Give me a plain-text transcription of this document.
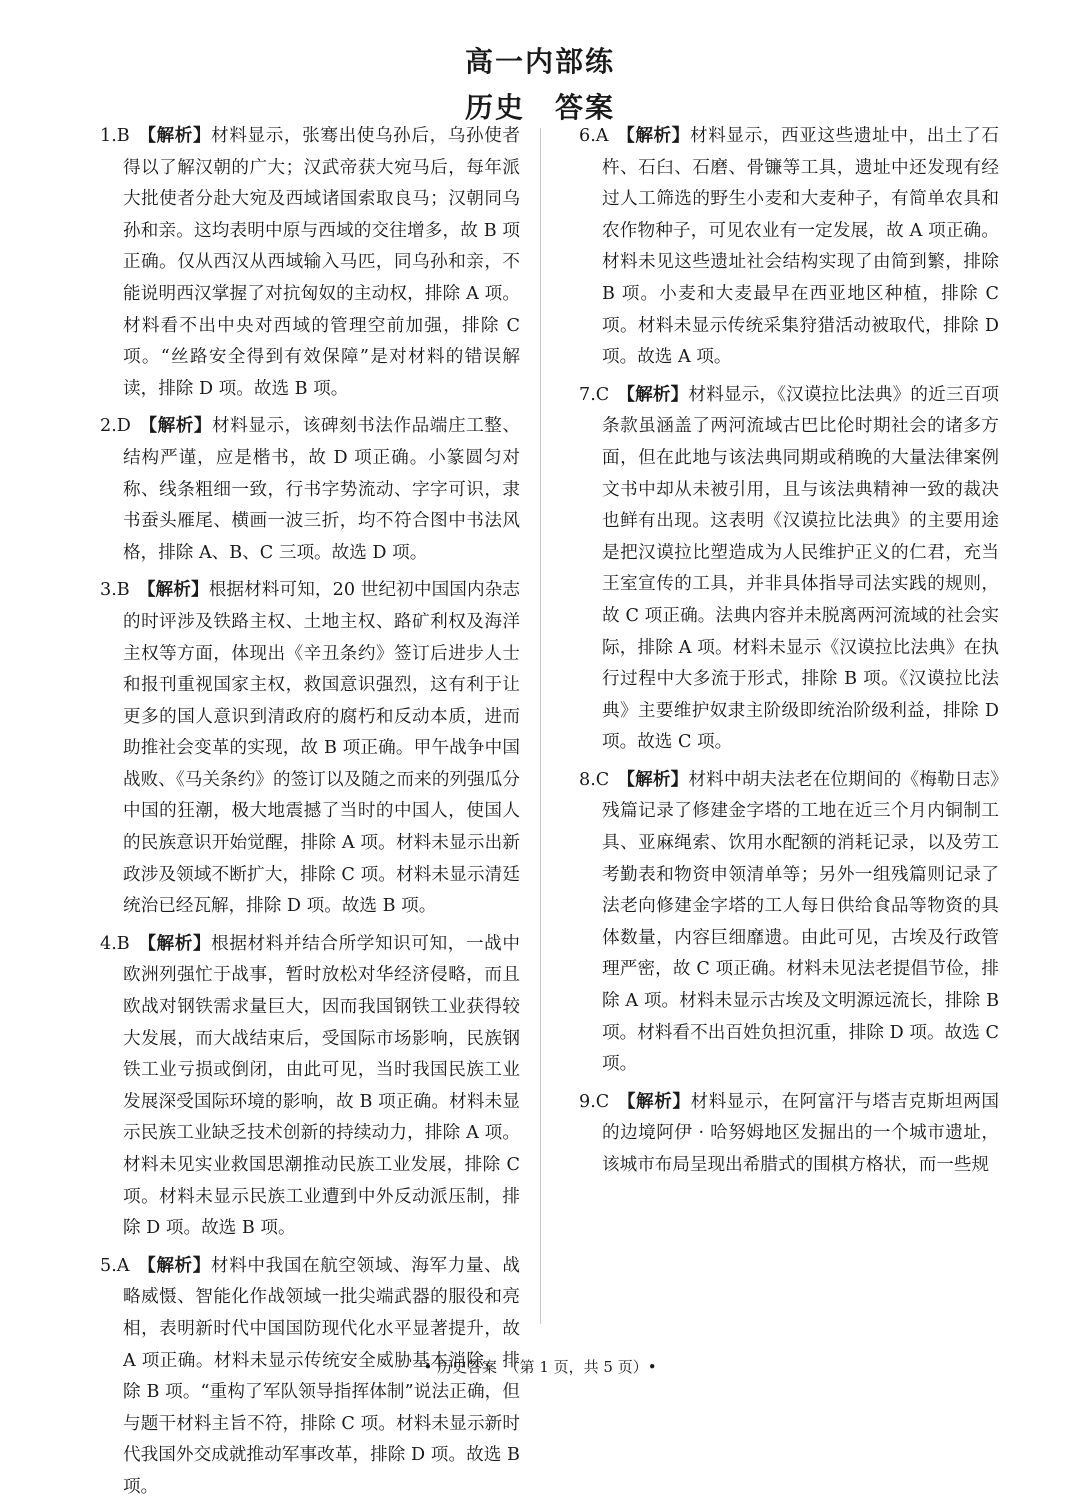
高一内部练
历史　答案

1.B 【解析】材料显示，张骞出使乌孙后，乌孙使者得以了解汉朝的广大；汉武帝获大宛马后，每年派大批使者分赴大宛及西域诸国索取良马；汉朝同乌孙和亲。这均表明中原与西域的交往增多，故 B 项正确。仅从西汉从西域输入马匹，同乌孙和亲，不能说明西汉掌握了对抗匈奴的主动权，排除 A 项。材料看不出中央对西域的管理空前加强，排除 C 项。“丝路安全得到有效保障”是对材料的错误解读，排除 D 项。故选 B 项。

2.D 【解析】材料显示，该碑刻书法作品端庄工整、结构严谨，应是楷书，故 D 项正确。小篆圆匀对称、线条粗细一致，行书字势流动、字字可识，隶书蚕头雁尾、横画一波三折，均不符合图中书法风格，排除 A、B、C 三项。故选 D 项。

3.B 【解析】根据材料可知，20 世纪初中国国内杂志的时评涉及铁路主权、土地主权、路矿利权及海洋主权等方面，体现出《辛丑条约》签订后进步人士和报刊重视国家主权，救国意识强烈，这有利于让更多的国人意识到清政府的腐朽和反动本质，进而助推社会变革的实现，故 B 项正确。甲午战争中国战败、《马关条约》的签订以及随之而来的列强瓜分中国的狂潮，极大地震撼了当时的中国人，使国人的民族意识开始觉醒，排除 A 项。材料未显示出新政涉及领域不断扩大，排除 C 项。材料未显示清廷统治已经瓦解，排除 D 项。故选 B 项。

4.B 【解析】根据材料并结合所学知识可知，一战中欧洲列强忙于战事，暂时放松对华经济侵略，而且欧战对钢铁需求量巨大，因而我国钢铁工业获得较大发展，而大战结束后，受国际市场影响，民族钢铁工业亏损或倒闭，由此可见，当时我国民族工业发展深受国际环境的影响，故 B 项正确。材料未显示民族工业缺乏技术创新的持续动力，排除 A 项。材料未见实业救国思潮推动民族工业发展，排除 C 项。材料未显示民族工业遭到中外反动派压制，排除 D 项。故选 B 项。

5.A 【解析】材料中我国在航空领域、海军力量、战略威慑、智能化作战领域一批尖端武器的服役和亮相，表明新时代中国国防现代化水平显著提升，故 A 项正确。材料未显示传统安全威胁基本消除，排除 B 项。“重构了军队领导指挥体制”说法正确，但与题干材料主旨不符，排除 C 项。材料未显示新时代我国外交成就推动军事改革，排除 D 项。故选 B 项。

6.A 【解析】材料显示，西亚这些遗址中，出土了石杵、石臼、石磨、骨镰等工具，遗址中还发现有经过人工筛选的野生小麦和大麦种子，有简单农具和农作物种子，可见农业有一定发展，故 A 项正确。材料未见这些遗址社会结构实现了由简到繁，排除 B 项。小麦和大麦最早在西亚地区种植，排除 C 项。材料未显示传统采集狩猎活动被取代，排除 D 项。故选 A 项。

7.C 【解析】材料显示，《汉谟拉比法典》的近三百项条款虽涵盖了两河流域古巴比伦时期社会的诸多方面，但在此地与该法典同期或稍晚的大量法律案例文书中却从未被引用，且与该法典精神一致的裁决也鲜有出现。这表明《汉谟拉比法典》的主要用途是把汉谟拉比塑造成为人民维护正义的仁君，充当王室宣传的工具，并非具体指导司法实践的规则，故 C 项正确。法典内容并未脱离两河流域的社会实际，排除 A 项。材料未显示《汉谟拉比法典》在执行过程中大多流于形式，排除 B 项。《汉谟拉比法典》主要维护奴隶主阶级即统治阶级利益，排除 D 项。故选 C 项。

8.C 【解析】材料中胡夫法老在位期间的《梅勒日志》残篇记录了修建金字塔的工地在近三个月内铜制工具、亚麻绳索、饮用水配额的消耗记录，以及劳工考勤表和物资申领清单等；另外一组残篇则记录了法老向修建金字塔的工人每日供给食品等物资的具体数量，内容巨细靡遗。由此可见，古埃及行政管理严密，故 C 项正确。材料未见法老提倡节俭，排除 A 项。材料未显示古埃及文明源远流长，排除 B 项。材料看不出百姓负担沉重，排除 D 项。故选 C 项。

9.C 【解析】材料显示，在阿富汗与塔吉克斯坦两国的边境阿伊 · 哈努姆地区发掘出的一个城市遗址，该城市布局呈现出希腊式的围棋方格状，而一些规

• 历史答案　（第 1 页，共 5 页）•
